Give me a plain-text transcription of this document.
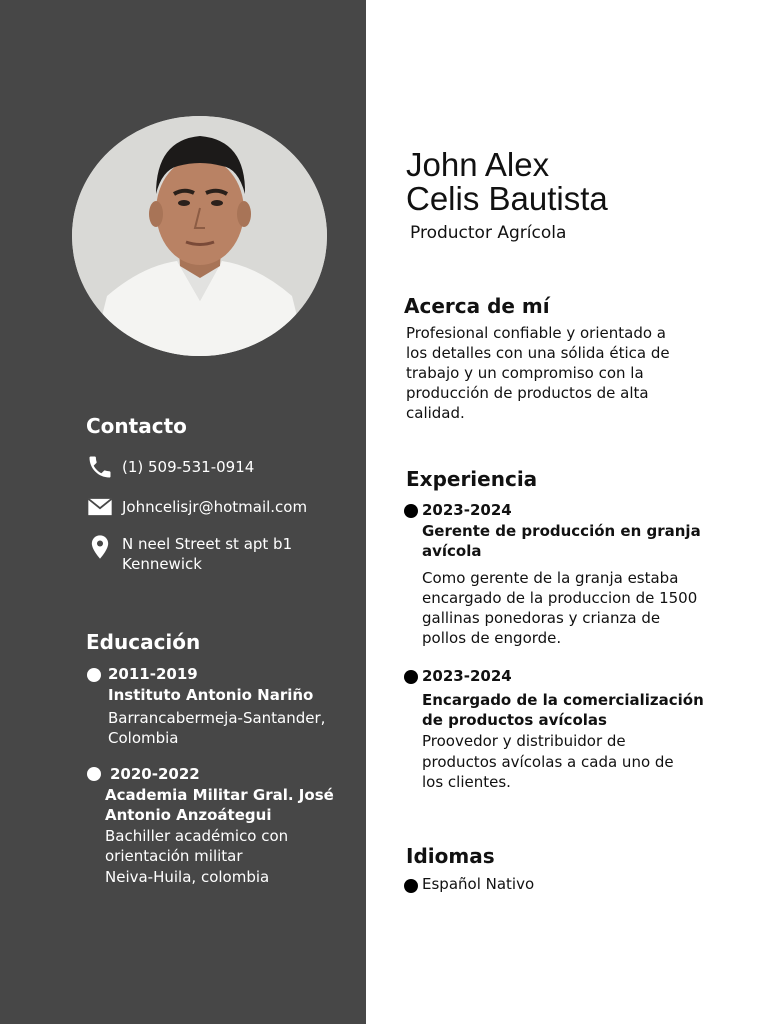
Contacto
(1) 509-531-0914
Johncelisjr@hotmail.com
N neel Street st apt b1
Kennewick
Educación
2011-2019
Instituto Antonio Nariño
Barrancabermeja-Santander,
Colombia
2020-2022
Academia Militar Gral. José
Antonio Anzoátegui
Bachiller académico con
orientación militar
Neiva-Huila, colombia
John Alex
Celis Bautista
Productor Agrícola
Acerca de mí
Profesional confiable y orientado a
los detalles con una sólida ética de
trabajo y un compromiso con la
producción de productos de alta
calidad.
Experiencia
2023-2024
Gerente de producción en granja
avícola
Como gerente de la granja estaba
encargado de la produccion de 1500
gallinas ponedoras y crianza de
pollos de engorde.
2023-2024
Encargado de la comercialización
de productos avícolas
Proovedor y distribuidor de
productos avícolas a cada uno de
los clientes.
Idiomas
Español Nativo
